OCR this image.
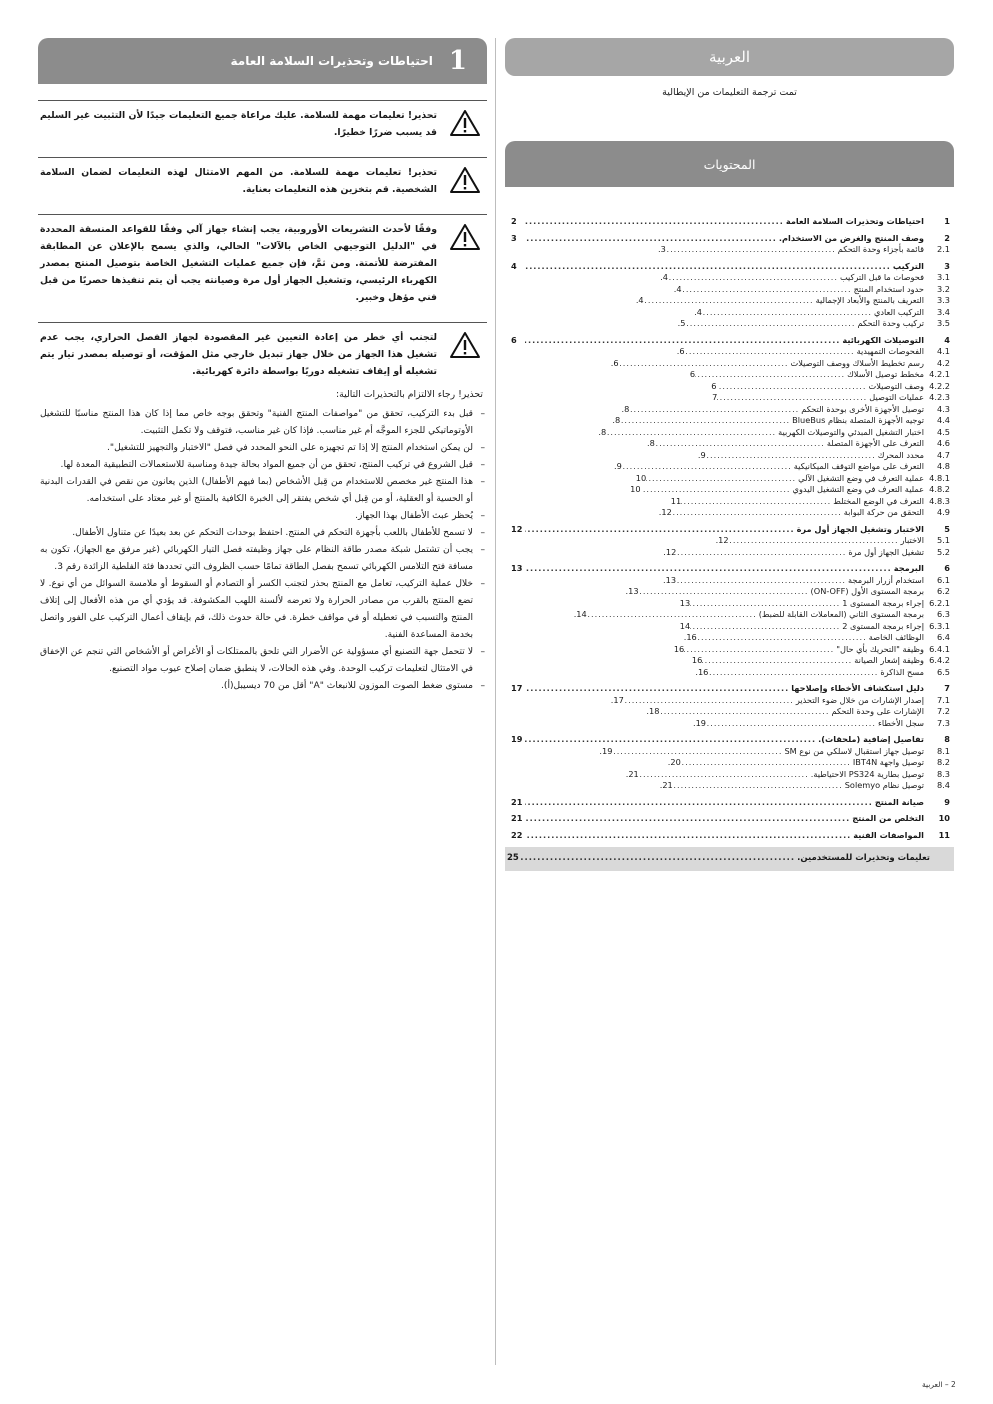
العربية
تمت ترجمة التعليمات من الإيطالية
المحتويات
1
احتياطات وتحذيرات السلامة العامة
.....
2
2
وصف المنتج والغرض من الاستخدام.
.....
3
2.1
قائمة بأجزاء وحدة التحكم
.....
3.
3
التركيب
.....
4
3.1
فحوصات ما قبل التركيب
.....
4.
3.2
حدود استخدام المنتج
.....
4.
3.3
التعريف بالمنتج والأبعاد الإجمالية
.....
4.
3.4
التركيب العادي
.....
4.
3.5
تركيب وحدة التحكم
.....
5.
4
التوصيلات الكهربائية
.....
6
4.1
الفحوصات التمهيدية
.....
6.
4.2
رسم تخطيط الأسلاك ووصف التوصيلات
.....
6.
4.2.1
مخطط توصيل الأسلاك
.....
6
4.2.2
وصف التوصيلات
.....
6
4.2.3
عمليات التوصيل
.....
7
4.3
توصيل الأجهزة الأخرى بوحدة التحكم
.....
8.
4.4
توجيه الأجهزة المتصلة بنظام BlueBus
.....
8.
4.5
اختبار التشغيل المبدئي والتوصيلات الكهربية
.....
8.
4.6
التعرف على الأجهزة المتصلة
.....
8.
4.7
محدد المحرك
.....
9.
4.8
التعرف على مواضع التوقف الميكانيكية
.....
9.
4.8.1
عملية التعرف في وضع التشغيل الآلي
.....
10
4.8.2
عملية التعرف في وضع التشغيل اليدوي
.....
10
4.8.3
التعرف في الوضع المختلط
.....
11
4.9
التحقق من حركة البوابة
.....
12.
5
الاختبار وتشغيل الجهاز أول مرة
.....
12
5.1
الاختبار
.....
12.
5.2
تشغيل الجهاز أول مرة
.....
12.
6
البرمجة
.....
13
6.1
استخدام أزرار البرمجة
.....
13.
6.2
برمجة المستوى الأول (ON-OFF)
.....
13.
6.2.1
إجراء برمجة المستوى 1
.....
13
6.3
برمجة المستوى الثاني (المعاملات القابلة للضبط)
.....
14.
6.3.1
إجراء برمجة المستوى 2
.....
14
6.4
الوظائف الخاصة
.....
16.
6.4.1
وظيفة "التحريك بأي حال"
.....
16
6.4.2
وظيفة إشعار الصيانة
.....
16
6.5
مسح الذاكرة
.....
16.
7
دليل استكشاف الأخطاء وإصلاحها
.....
17
7.1
إصدار الإشارات من خلال ضوء التحذير
.....
17.
7.2
الإشارات على وحدة التحكم
.....
18.
7.3
سجل الأخطاء
.....
19.
8
تفاصيل إضافية (ملحقات).
.....
19
8.1
توصيل جهاز استقبال لاسلكي من نوع SM
.....
19.
8.2
توصيل واجهة IBT4N
.....
20.
8.3
توصيل بطارية PS324 الاحتياطية.
.....
21.
8.4
توصيل نظام Solemyo
.....
21.
9
صيانة المنتج
.....
21
10
التخلص من المنتج
.....
21
11
المواصفات الفنية
.....
22
تعليمات وتحذيرات للمستخدمين.
.....
25
1
احتياطات وتحذيرات السلامة العامة
تحذير! تعليمات مهمة للسلامة. عليك مراعاة جميع التعليمات جيدًا لأن التثبيت غير السليم قد يسبب ضررًا خطيرًا.
تحذير! تعليمات مهمة للسلامة. من المهم الامتثال لهذه التعليمات لضمان السلامة الشخصية. قم بتخزين هذه التعليمات بعناية.
وفقًا لأحدث التشريعات الأوروبية، يجب إنشاء جهاز آلي وفقًا للقواعد المنسقة المحددة في "الدليل التوجيهي الخاص بالآلات" الحالي، والذي يسمح بالإعلان عن المطابقة المفترضة للأتمتة. ومن ثمَّ، فإن جميع عمليات التشغيل الخاصة بتوصيل المنتج بمصدر الكهرباء الرئيسي، وتشغيل الجهاز أول مرة وصيانته يجب أن يتم تنفيذها حصريًا من قبل فني مؤهل وخبير.
لتجنب أي خطر من إعادة التعيين غير المقصودة لجهاز الفصل الحراري، يجب عدم تشغيل هذا الجهاز من خلال جهاز تبديل خارجي مثل المؤقت، أو توصيله بمصدر تيار يتم تشغيله أو إيقاف تشغيله دوريًا بواسطة دائرة كهربائية.
تحذير! رجاء الالتزام بالتحذيرات التالية:
– قبل بدء التركيب، تحقق من "مواصفات المنتج الفنية" وتحقق بوجه خاص مما إذا كان هذا المنتج مناسبًا للتشغيل الأوتوماتيكي للجزء الموجَّه أم غير مناسب. فإذا كان غير مناسب، فتوقف ولا تكمل التثبيت.
– لن يمكن استخدام المنتج إلا إذا تم تجهيزه على النحو المحدد في فصل "الاختبار والتجهيز للتشغيل".
– قبل الشروع في تركيب المنتج، تحقق من أن جميع المواد بحالة جيدة ومناسبة للاستعمالات التطبيقية المعدة لها.
– هذا المنتج غير مخصص للاستخدام من قِبل الأشخاص (بما فيهم الأطفال) الذين يعانون من نقص في القدرات البدنية أو الحسية أو العقلية، أو من قِبل أي شخص يفتقر إلى الخبرة الكافية بالمنتج أو غير معتاد على استخدامه.
– يُحظر عبث الأطفال بهذا الجهاز.
– لا تسمح للأطفال باللعب بأجهزة التحكم في المنتج. احتفظ بوحدات التحكم عن بعد بعيدًا عن متناول الأطفال.
– يجب أن تشتمل شبكة مصدر طاقة النظام على جهاز وظيفته فصل التيار الكهربائي (غير مرفق مع الجهاز)، تكون به مسافة فتح التلامس الكهربائي تسمح بفصل الطاقة تمامًا حسب الظروف التي تحددها فئة الفلطية الزائدة رقم 3.
– خلال عملية التركيب، تعامل مع المنتج بحذر لتجنب الكسر أو التصادم أو السقوط أو ملامسة السوائل من أي نوع. لا تضع المنتج بالقرب من مصادر الحرارة ولا تعرضه لألسنة اللهب المكشوفة. قد يؤدي أي من هذه الأفعال إلى إتلاف المنتج والتسبب في تعطيله أو في مواقف خطرة. في حالة حدوث ذلك، قم بإيقاف أعمال التركيب على الفور واتصل بخدمة المساعدة الفنية.
– لا تتحمل جهة التصنيع أي مسؤولية عن الأضرار التي تلحق بالممتلكات أو الأغراض أو الأشخاص التي تنجم عن الإخفاق في الامتثال لتعليمات تركيب الوحدة. وفي هذه الحالات، لا ينطبق ضمان إصلاح عيوب مواد التصنيع.
– مستوى ضغط الصوت الموزون للانبعاث "A" أقل من 70 ديسيبل(أ).
2 – العربية
